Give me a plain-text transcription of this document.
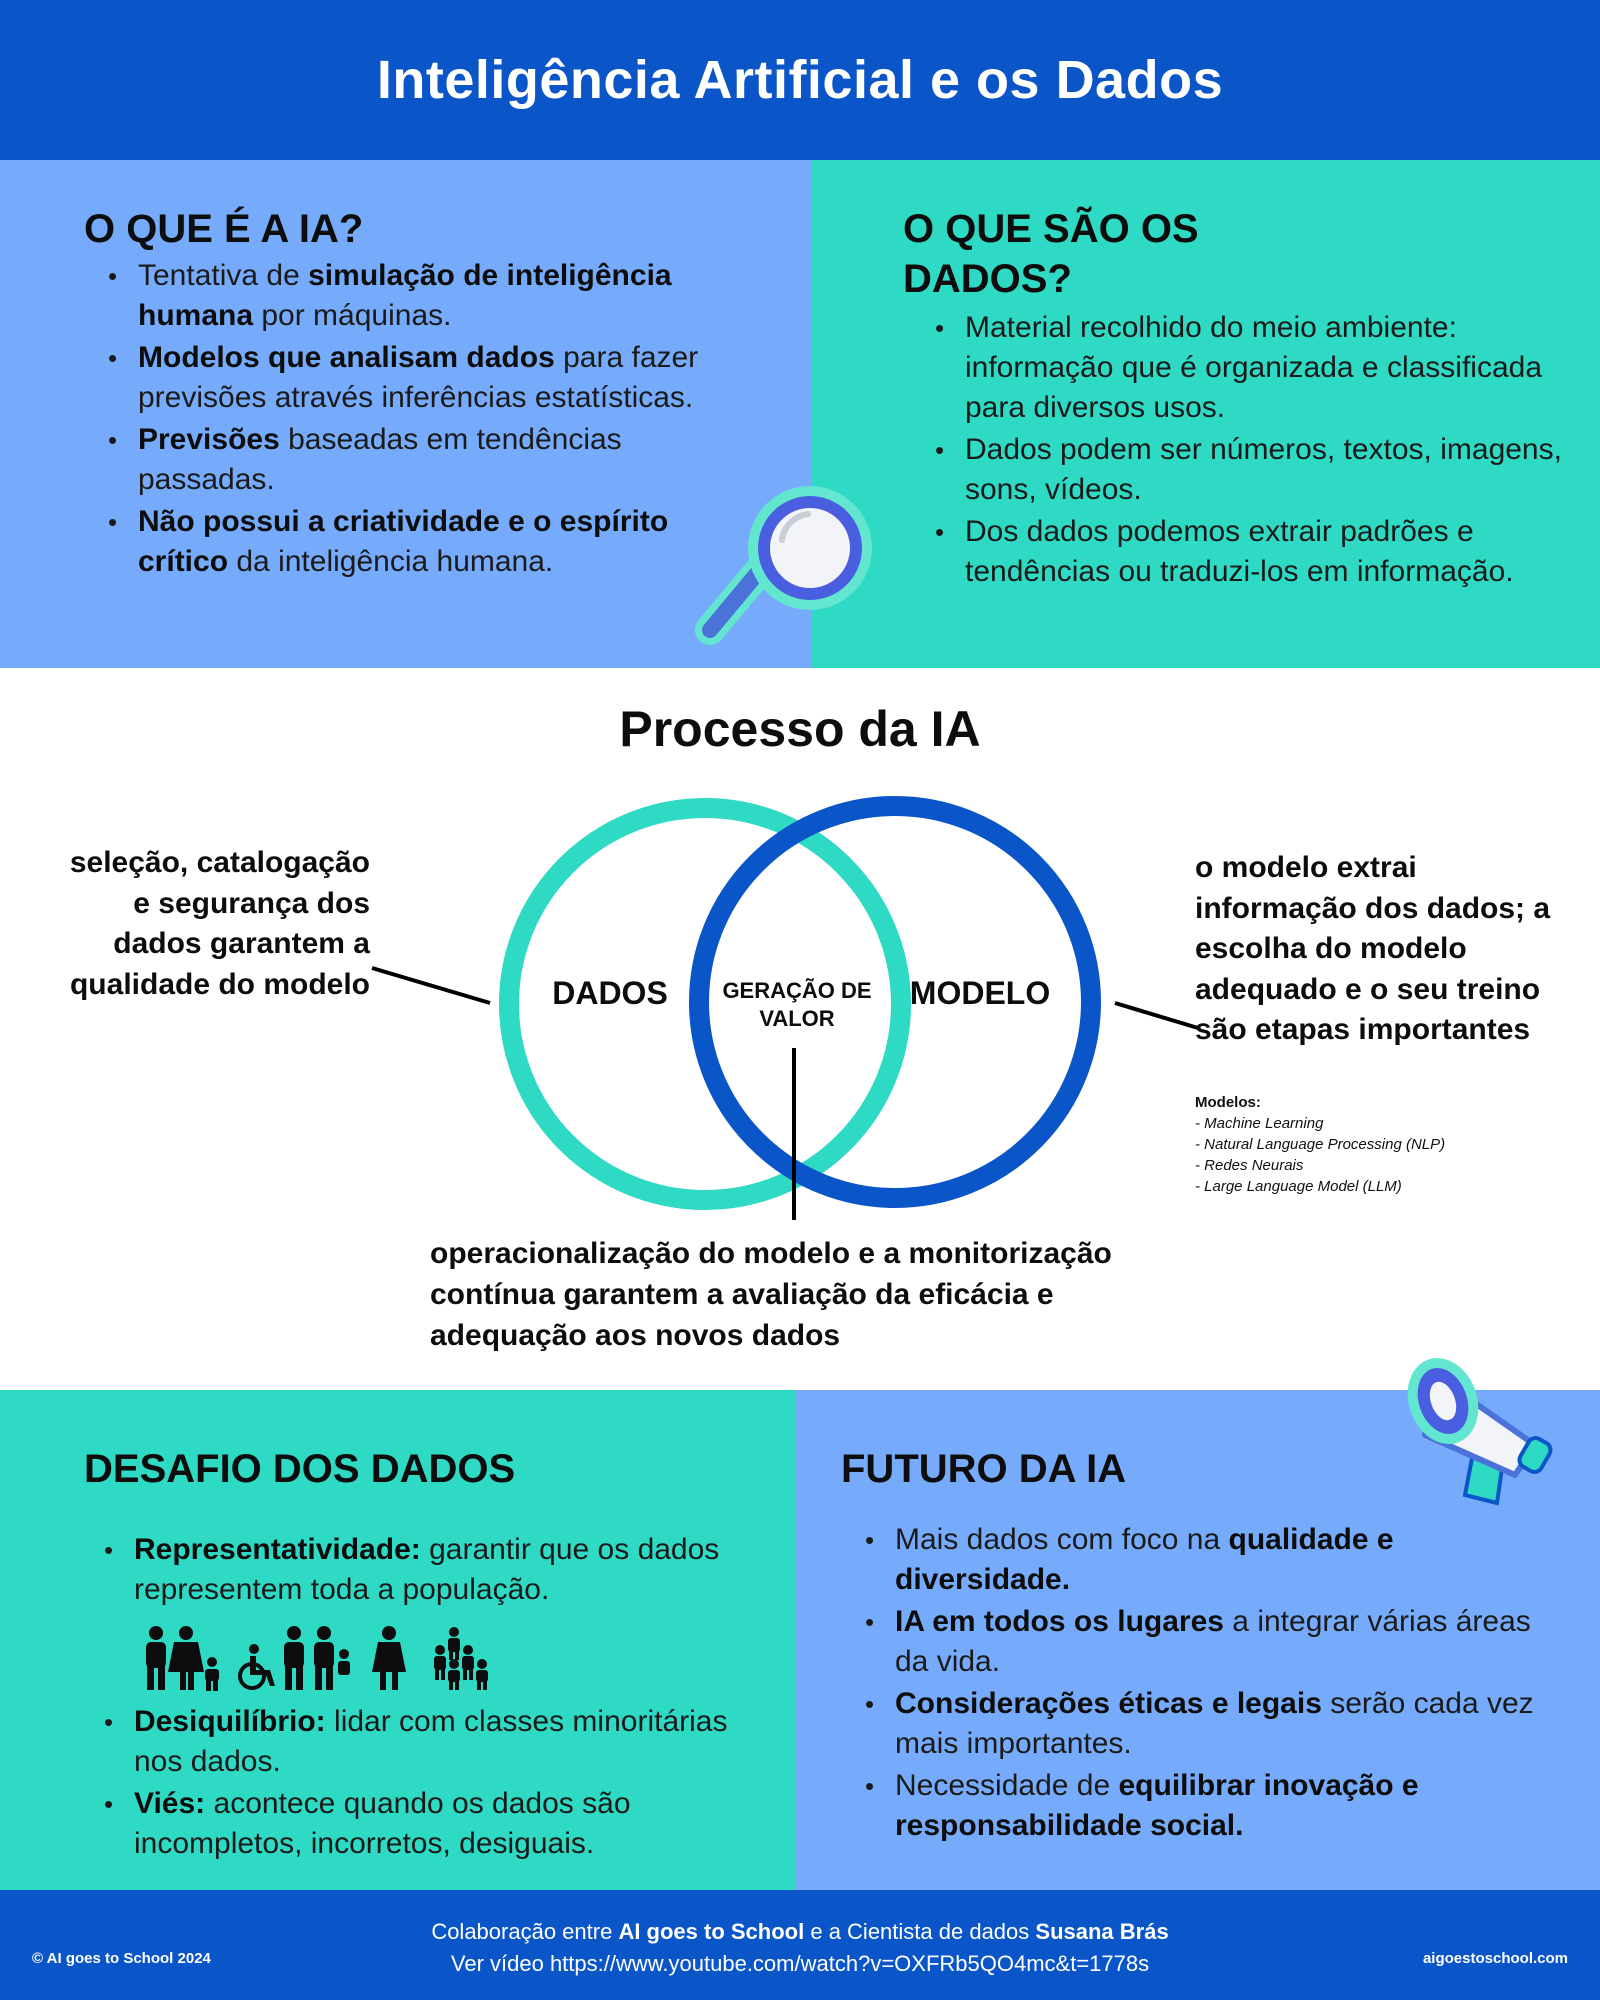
Inteligência Artificial e os Dados
O QUE É A IA?
• Tentativa de simulação de inteligência humana por máquinas.
• Modelos que analisam dados para fazer previsões através inferências estatísticas.
• Previsões baseadas em tendências passadas.
• Não possui a criatividade e o espírito crítico da inteligência humana.
O QUE SÃO OS DADOS?
• Material recolhido do meio ambiente: informação que é organizada e classificada para diversos usos.
• Dados podem ser números, textos, imagens, sons, vídeos.
• Dos dados podemos extrair padrões e tendências ou traduzi-los em informação.
Processo da IA
DADOS	MODELO
GERAÇÃO DE VALOR
seleção, catalogação e segurança dos dados garantem a qualidade do modelo
o modelo extrai informação dos dados; a escolha do modelo adequado e o seu treino são etapas importantes
Modelos:
- Machine Learning
- Natural Language Processing (NLP)
- Redes Neurais
- Large Language Model (LLM)
operacionalização do modelo e a monitorização contínua garantem a avaliação da eficácia e adequação aos novos dados
DESAFIO DOS DADOS
• Representatividade: garantir que os dados representem toda a população.
• Desiquilíbrio: lidar com classes minoritárias nos dados.
• Viés: acontece quando os dados são incompletos, incorretos, desiguais.
FUTURO DA IA
• Mais dados com foco na qualidade e diversidade.
• IA em todos os lugares a integrar várias áreas da vida.
• Considerações éticas e legais serão cada vez mais importantes.
• Necessidade de equilibrar inovação e responsabilidade social.
© AI goes to School 2024
Colaboração entre AI goes to School e a Cientista de dados Susana Brás
Ver vídeo https://www.youtube.com/watch?v=OXFRb5QO4mc&t=1778s	aigoestoschool.com
